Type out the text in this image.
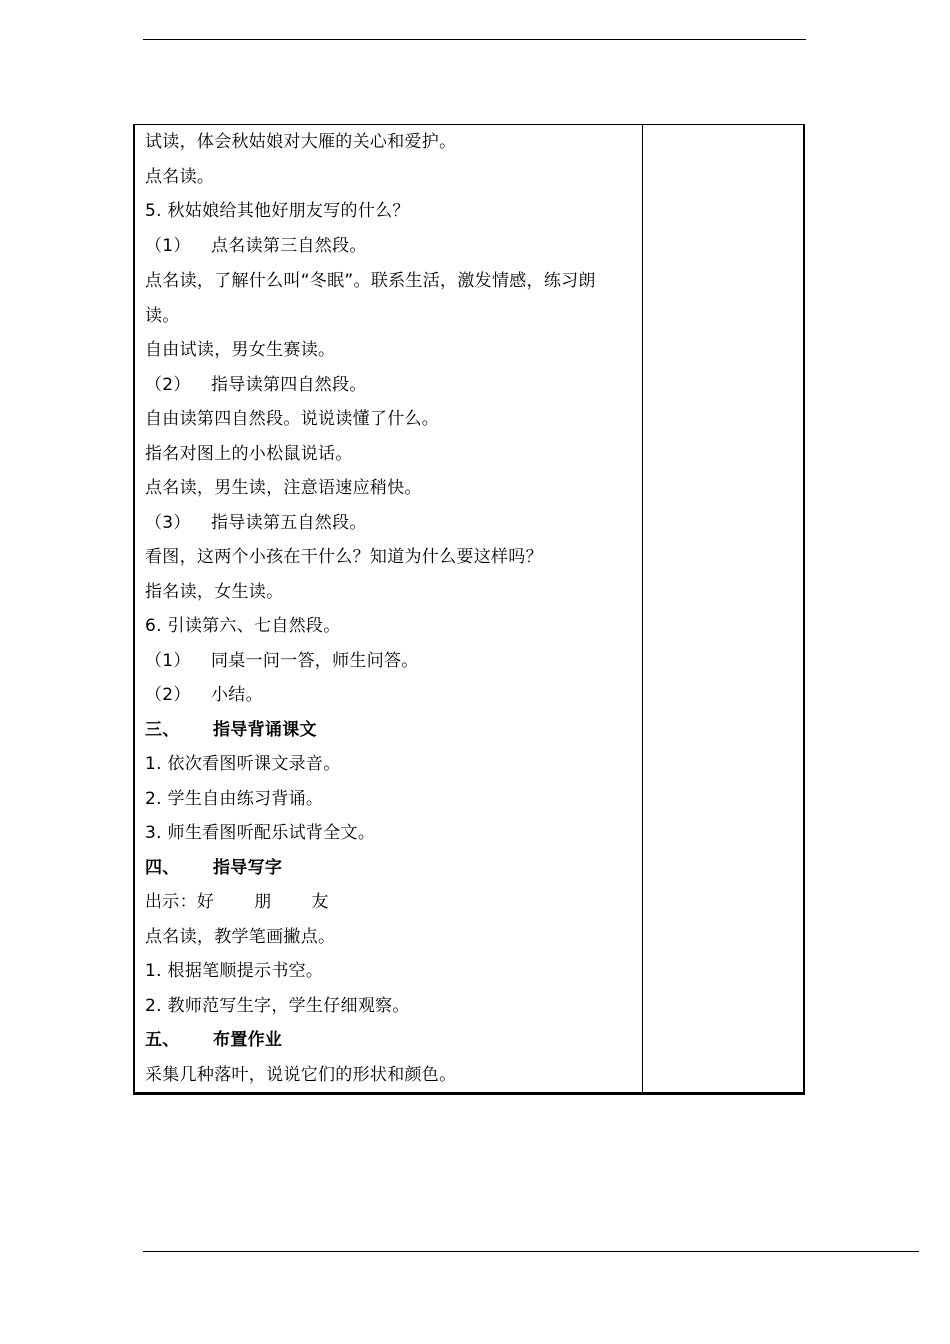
试读，体会秋姑娘对大雁的关心和爱护。
点名读。
5. 秋姑娘给其他好朋友写的什么？
（1） 点名读第三自然段。
点名读，了解什么叫“冬眠”。联系生活，激发情感，练习朗
读。
自由试读，男女生赛读。
（2） 指导读第四自然段。
自由读第四自然段。说说读懂了什么。
指名对图上的小松鼠说话。
点名读，男生读，注意语速应稍快。
（3） 指导读第五自然段。
看图，这两个小孩在干什么？知道为什么要这样吗？
指名读，女生读。
6. 引读第六、七自然段。
（1） 同桌一问一答，师生问答。
（2） 小结。
三、 指导背诵课文
1. 依次看图听课文录音。
2. 学生自由练习背诵。
3. 师生看图听配乐试背全文。
四、 指导写字
出示：好 朋 友
点名读，教学笔画撇点。
1. 根据笔顺提示书空。
2. 教师范写生字，学生仔细观察。
五、 布置作业
采集几种落叶，说说它们的形状和颜色。
